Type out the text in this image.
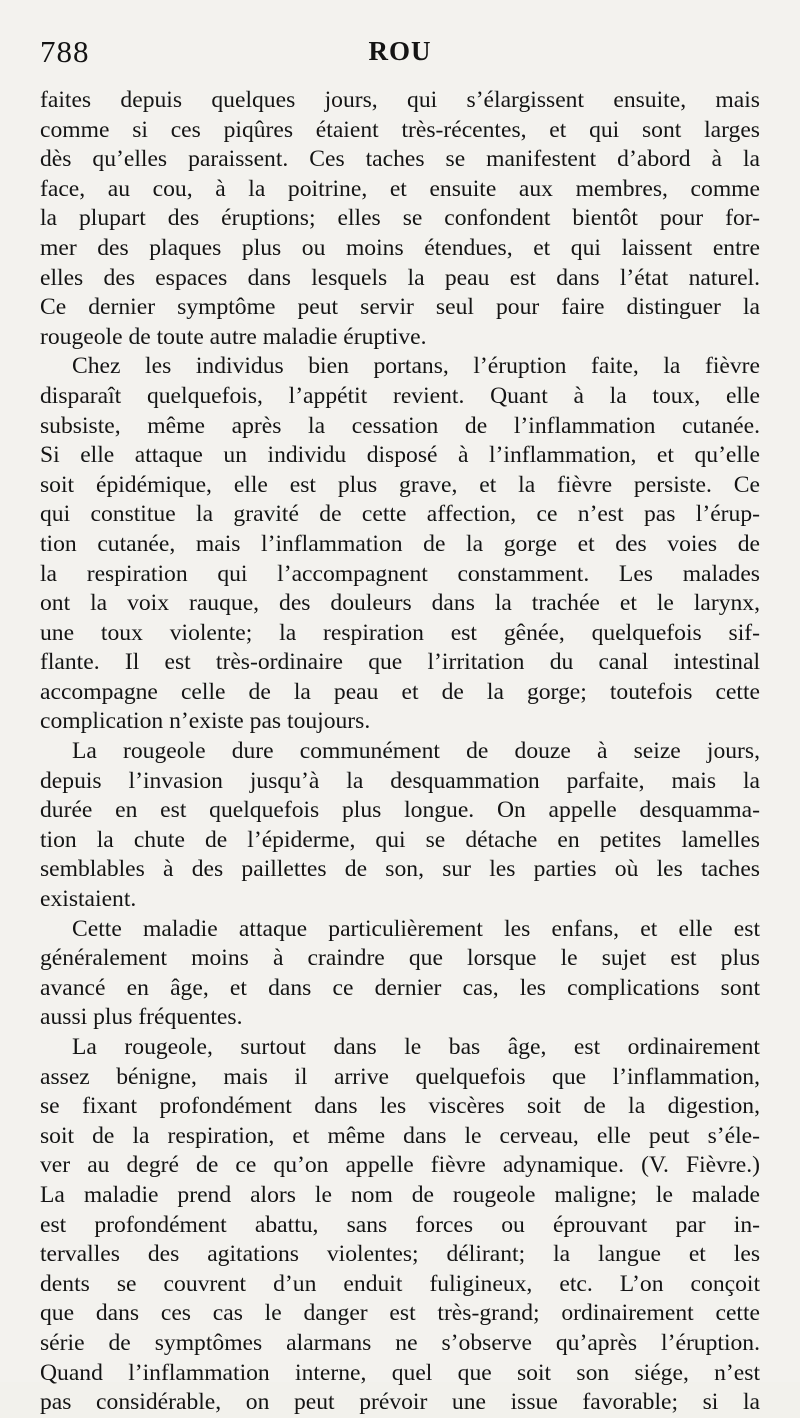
788	ROU

faites depuis quelques jours, qui s’élargissent ensuite, mais

comme si ces piqûres étaient très-récentes, et qui sont larges

dès qu’elles paraissent. Ces taches se manifestent d’abord à la

face, au cou, à la poitrine, et ensuite aux membres, comme

la plupart des éruptions; elles se confondent bientôt pour for-

mer des plaques plus ou moins étendues, et qui laissent entre

elles des espaces dans lesquels la peau est dans l’état naturel.

Ce dernier symptôme peut servir seul pour faire distinguer la

rougeole de toute autre maladie éruptive.

Chez les individus bien portans, l’éruption faite, la fièvre

disparaît quelquefois, l’appétit revient. Quant à la toux, elle

subsiste, même après la cessation de l’inflammation cutanée.

Si elle attaque un individu disposé à l’inflammation, et qu’elle

soit épidémique, elle est plus grave, et la fièvre persiste. Ce

qui constitue la gravité de cette affection, ce n’est pas l’érup-

tion cutanée, mais l’inflammation de la gorge et des voies de

la respiration qui l’accompagnent constamment. Les malades

ont la voix rauque, des douleurs dans la trachée et le larynx,

une toux violente; la respiration est gênée, quelquefois sif-

flante. Il est très-ordinaire que l’irritation du canal intestinal

accompagne celle de la peau et de la gorge; toutefois cette

complication n’existe pas toujours.

La rougeole dure communément de douze à seize jours,

depuis l’invasion jusqu’à la desquammation parfaite, mais la

durée en est quelquefois plus longue. On appelle desquamma-

tion la chute de l’épiderme, qui se détache en petites lamelles

semblables à des paillettes de son, sur les parties où les taches

existaient.

Cette maladie attaque particulièrement les enfans, et elle est

généralement moins à craindre que lorsque le sujet est plus

avancé en âge, et dans ce dernier cas, les complications sont

aussi plus fréquentes.

La rougeole, surtout dans le bas âge, est ordinairement

assez bénigne, mais il arrive quelquefois que l’inflammation,

se fixant profondément dans les viscères soit de la digestion,

soit de la respiration, et même dans le cerveau, elle peut s’éle-

ver au degré de ce qu’on appelle fièvre adynamique. (V. Fièvre.)

La maladie prend alors le nom de rougeole maligne; le malade

est profondément abattu, sans forces ou éprouvant par in-

tervalles des agitations violentes; délirant; la langue et les

dents se couvrent d’un enduit fuligineux, etc. L’on conçoit

que dans ces cas le danger est très-grand; ordinairement cette

série de symptômes alarmans ne s’observe qu’après l’éruption.

Quand l’inflammation interne, quel que soit son siége, n’est

pas considérable, on peut prévoir une issue favorable; si la
